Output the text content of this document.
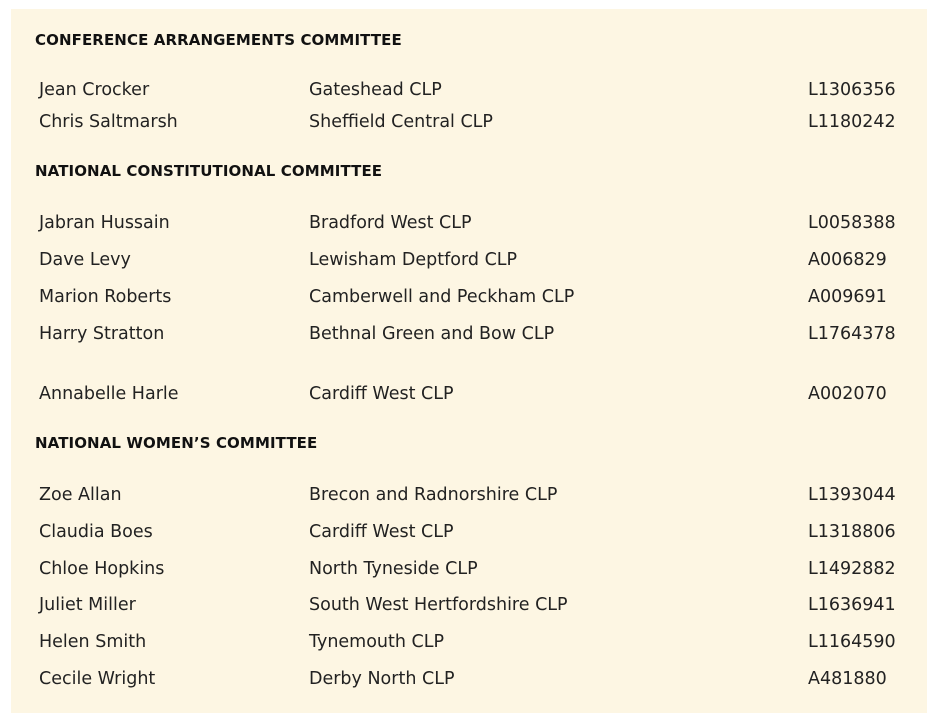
CONFERENCE ARRANGEMENTS COMMITTEE
Jean Crocker	Gateshead CLP	L1306356
Chris Saltmarsh	Sheffield Central CLP	L1180242
NATIONAL CONSTITUTIONAL COMMITTEE
Jabran Hussain	Bradford West CLP	L0058388
Dave Levy	Lewisham Deptford CLP	A006829
Marion Roberts	Camberwell and Peckham CLP	A009691
Harry Stratton	Bethnal Green and Bow CLP	L1764378
Annabelle Harle	Cardiff West CLP	A002070
NATIONAL WOMEN’S COMMITTEE
Zoe Allan	Brecon and Radnorshire CLP	L1393044
Claudia Boes	Cardiff West CLP	L1318806
Chloe Hopkins	North Tyneside CLP	L1492882
Juliet Miller	South West Hertfordshire CLP	L1636941
Helen Smith	Tynemouth CLP	L1164590
Cecile Wright	Derby North CLP	A481880
